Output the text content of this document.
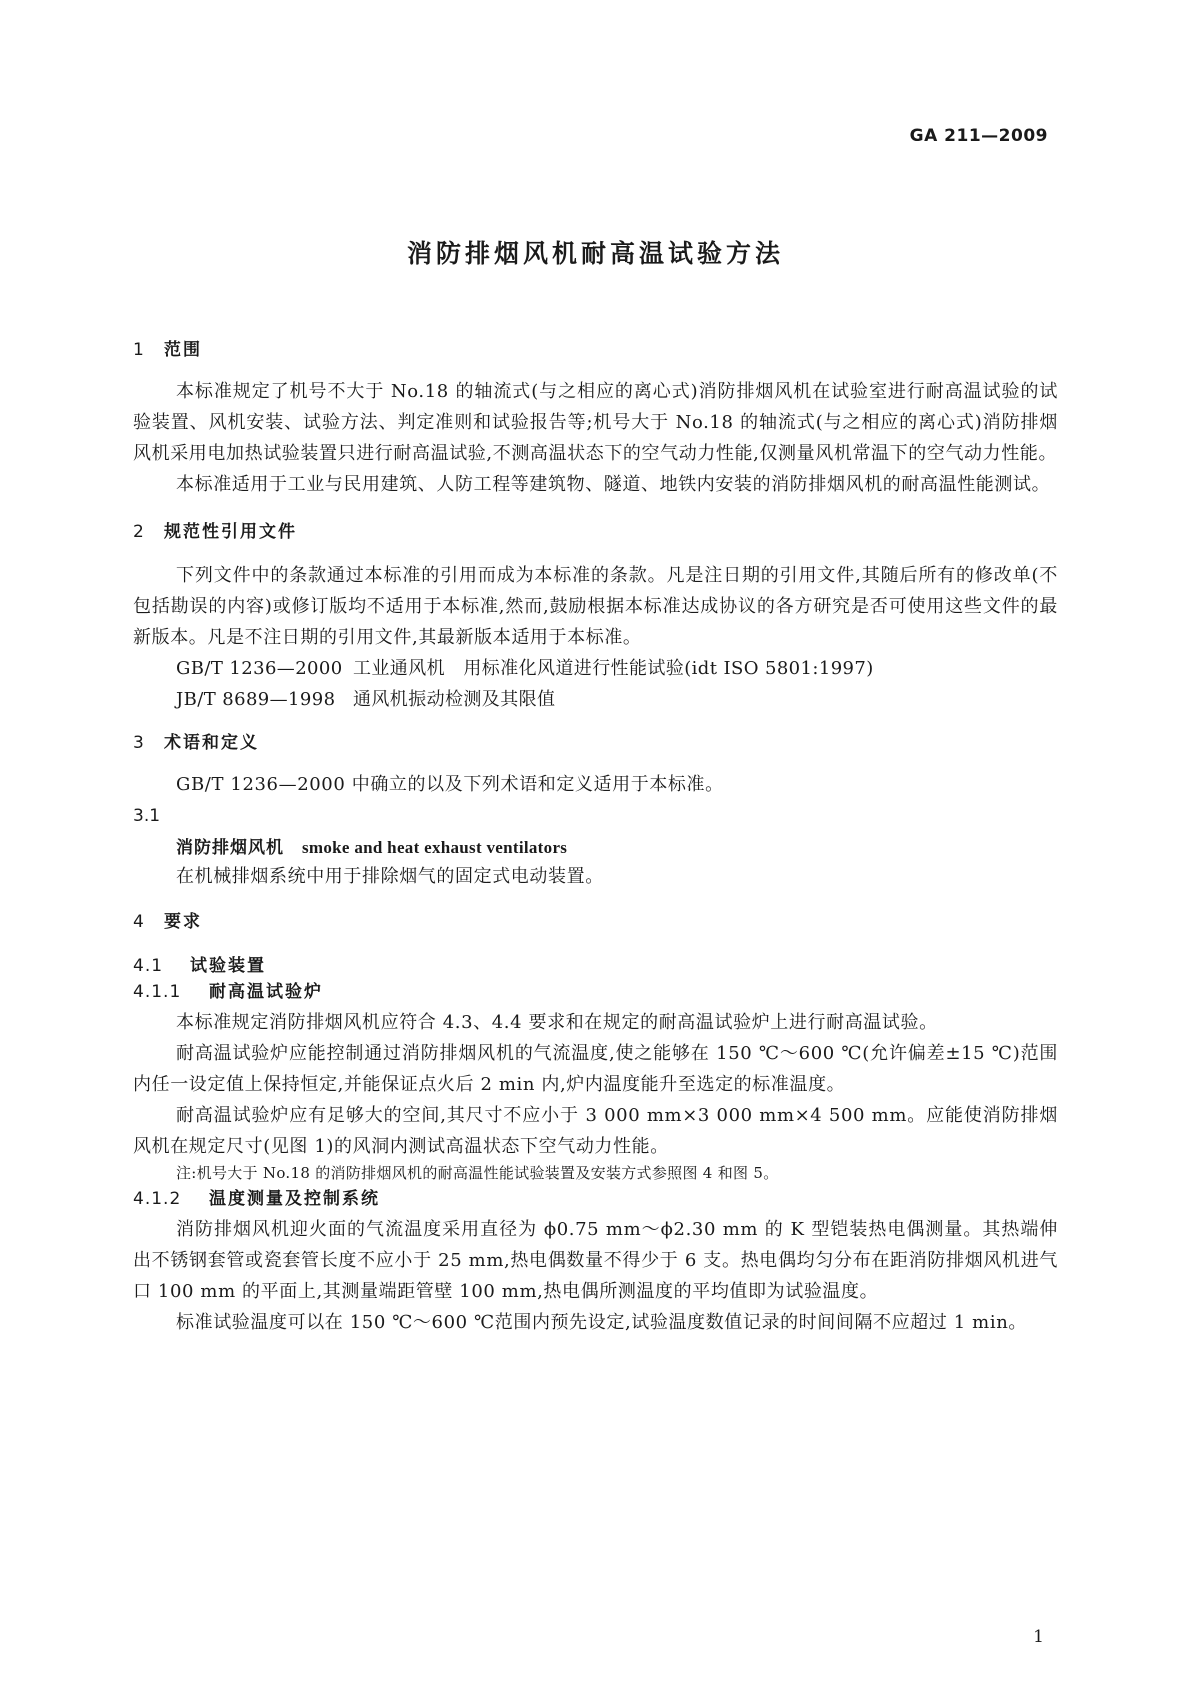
GA 211—2009
消防排烟风机耐高温试验方法
1 范围

本标准规定了机号不大于 No.18 的轴流式(与之相应的离心式)消防排烟风机在试验室进行耐高温试验的试验装置、风机安装、试验方法、判定准则和试验报告等;机号大于 No.18 的轴流式(与之相应的离心式)消防排烟风机采用电加热试验装置只进行耐高温试验,不测高温状态下的空气动力性能,仅测量风机常温下的空气动力性能。

本标准适用于工业与民用建筑、人防工程等建筑物、隧道、地铁内安装的消防排烟风机的耐高温性能测试。

2 规范性引用文件

下列文件中的条款通过本标准的引用而成为本标准的条款。凡是注日期的引用文件,其随后所有的修改单(不包括勘误的内容)或修订版均不适用于本标准,然而,鼓励根据本标准达成协议的各方研究是否可使用这些文件的最新版本。凡是不注日期的引用文件,其最新版本适用于本标准。

GB/T 1236—2000 工业通风机　用标准化风道进行性能试验(idt ISO 5801:1997)
JB/T 8689—1998 通风机振动检测及其限值
3 术语和定义

GB/T 1236—2000 中确立的以及下列术语和定义适用于本标准。

3.1
消防排烟风机 smoke and heat exhaust ventilators

在机械排烟系统中用于排除烟气的固定式电动装置。

4 要求
4.1 试验装置
4.1.1 耐高温试验炉

本标准规定消防排烟风机应符合 4.3、4.4 要求和在规定的耐高温试验炉上进行耐高温试验。

耐高温试验炉应能控制通过消防排烟风机的气流温度,使之能够在 150 ℃～600 ℃(允许偏差±15 ℃)范围内任一设定值上保持恒定,并能保证点火后 2 min 内,炉内温度能升至选定的标准温度。

耐高温试验炉应有足够大的空间,其尺寸不应小于 3 000 mm×3 000 mm×4 500 mm。应能使消防排烟风机在规定尺寸(见图 1)的风洞内测试高温状态下空气动力性能。

注:机号大于 No.18 的消防排烟风机的耐高温性能试验装置及安装方式参照图 4 和图 5。
4.1.2 温度测量及控制系统

消防排烟风机迎火面的气流温度采用直径为 ϕ0.75 mm～ϕ2.30 mm 的 K 型铠装热电偶测量。其热端伸出不锈钢套管或瓷套管长度不应小于 25 mm,热电偶数量不得少于 6 支。热电偶均匀分布在距消防排烟风机进气口 100 mm 的平面上,其测量端距管壁 100 mm,热电偶所测温度的平均值即为试验温度。

标准试验温度可以在 150 ℃～600 ℃范围内预先设定,试验温度数值记录的时间间隔不应超过 1 min。

1
